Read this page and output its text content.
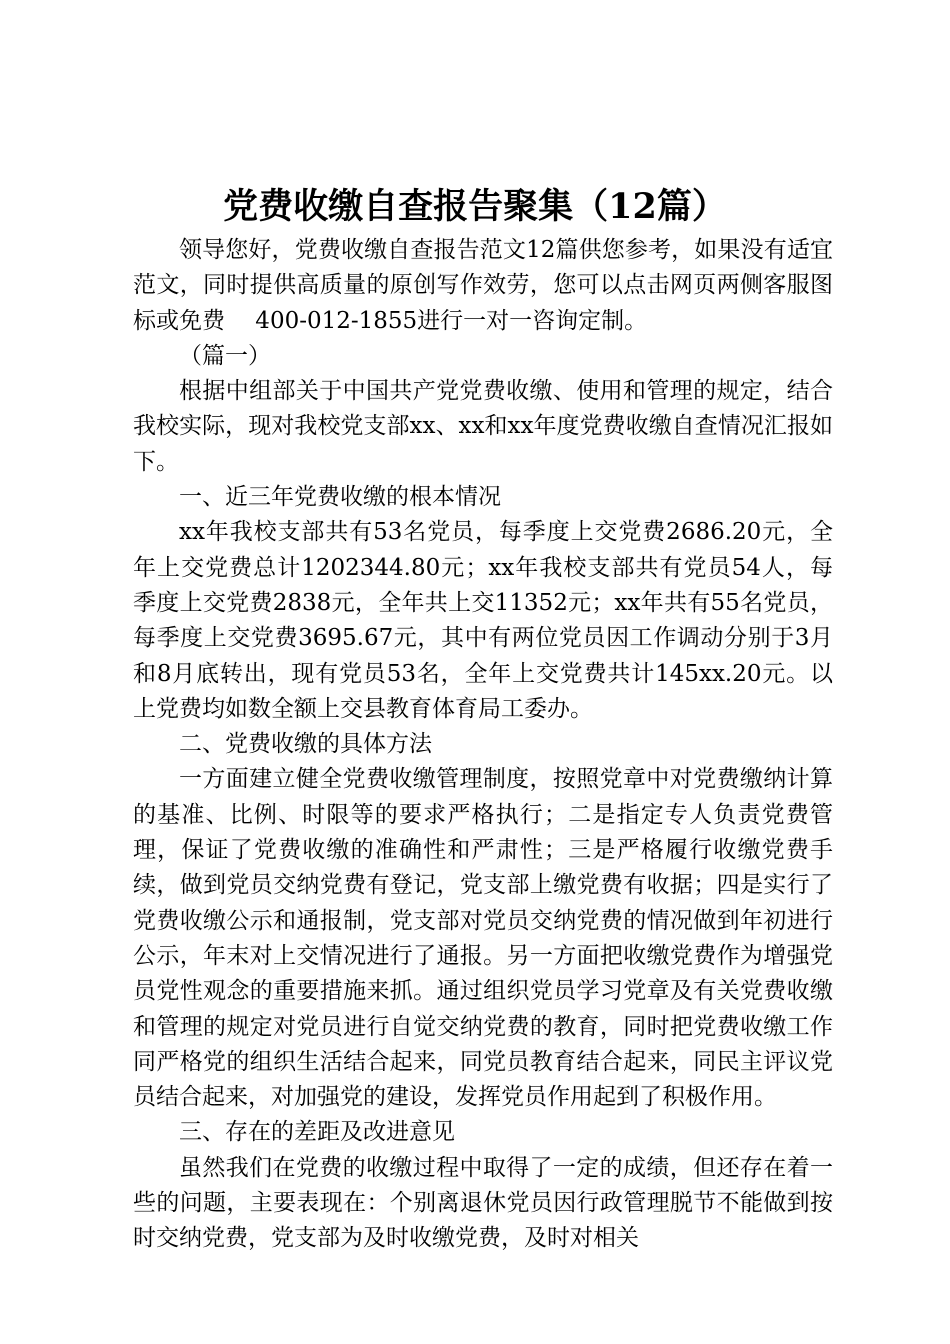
党费收缴自查报告聚集（12篇）

领导您好，党费收缴自查报告范文12篇供您参考，如果没有适宜范文，同时提供高质量的原创写作效劳，您可以点击网页两侧客服图标或免费　 400-012-1855进行一对一咨询定制。

（篇一）

根据中组部关于中国共产党党费收缴、使用和管理的规定，结合我校实际，现对我校党支部xx、xx和xx年度党费收缴自查情况汇报如下。

一、近三年党费收缴的根本情况

xx年我校支部共有53名党员，每季度上交党费2686.20元，全年上交党费总计1202344.80元；xx年我校支部共有党员54人，每季度上交党费2838元，全年共上交11352元；xx年共有55名党员，每季度上交党费3695.67元，其中有两位党员因工作调动分别于3月和8月底转出，现有党员53名，全年上交党费共计145xx.20元。以上党费均如数全额上交县教育体育局工委办。

二、党费收缴的具体方法

一方面建立健全党费收缴管理制度，按照党章中对党费缴纳计算的基准、比例、时限等的要求严格执行；二是指定专人负责党费管理，保证了党费收缴的准确性和严肃性；三是严格履行收缴党费手续，做到党员交纳党费有登记，党支部上缴党费有收据；四是实行了党费收缴公示和通报制，党支部对党员交纳党费的情况做到年初进行公示，年末对上交情况进行了通报。另一方面把收缴党费作为增强党员党性观念的重要措施来抓。通过组织党员学习党章及有关党费收缴和管理的规定对党员进行自觉交纳党费的教育，同时把党费收缴工作同严格党的组织生活结合起来，同党员教育结合起来，同民主评议党员结合起来，对加强党的建设，发挥党员作用起到了积极作用。

三、存在的差距及改进意见

虽然我们在党费的收缴过程中取得了一定的成绩，但还存在着一些的问题，主要表现在：个别离退休党员因行政管理脱节不能做到按时交纳党费，党支部为及时收缴党费，及时对相关
